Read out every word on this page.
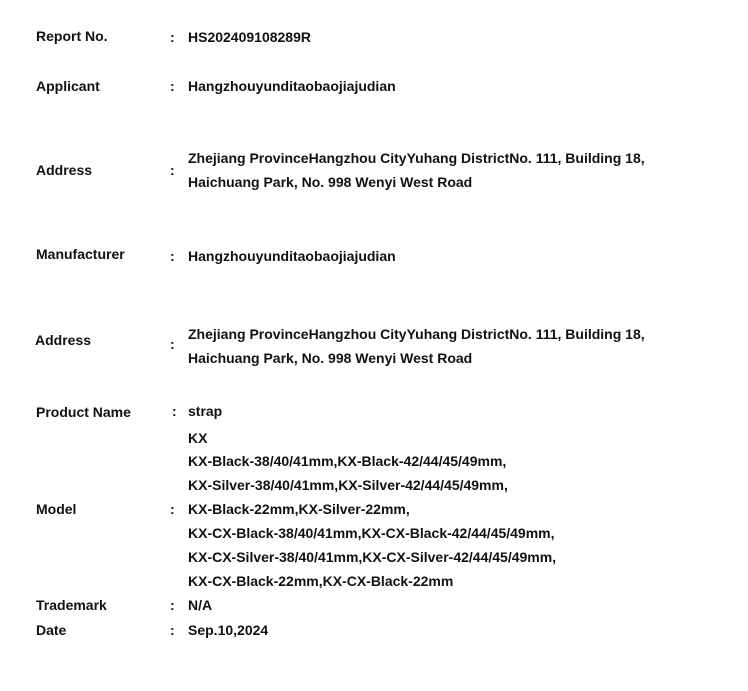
Report No.	: HS202409108289R
Applicant	: Hangzhouyunditaobaojiajudian
Address	:
Zhejiang ProvinceHangzhou CityYuhang DistrictNo. 111, Building 18,
Haichuang Park, No. 998 Wenyi West Road
Manufacturer	: Hangzhouyunditaobaojiajudian
Address	:
Zhejiang ProvinceHangzhou CityYuhang DistrictNo. 111, Building 18,
Haichuang Park, No. 998 Wenyi West Road
Product Name	: strap
Model	:
KX
KX-Black-38/40/41mm,KX-Black-42/44/45/49mm,
KX-Silver-38/40/41mm,KX-Silver-42/44/45/49mm,
KX-Black-22mm,KX-Silver-22mm,
KX-CX-Black-38/40/41mm,KX-CX-Black-42/44/45/49mm,
KX-CX-Silver-38/40/41mm,KX-CX-Silver-42/44/45/49mm,
KX-CX-Black-22mm,KX-CX-Black-22mm
Trademark	: N/A
Date	: Sep.10,2024
